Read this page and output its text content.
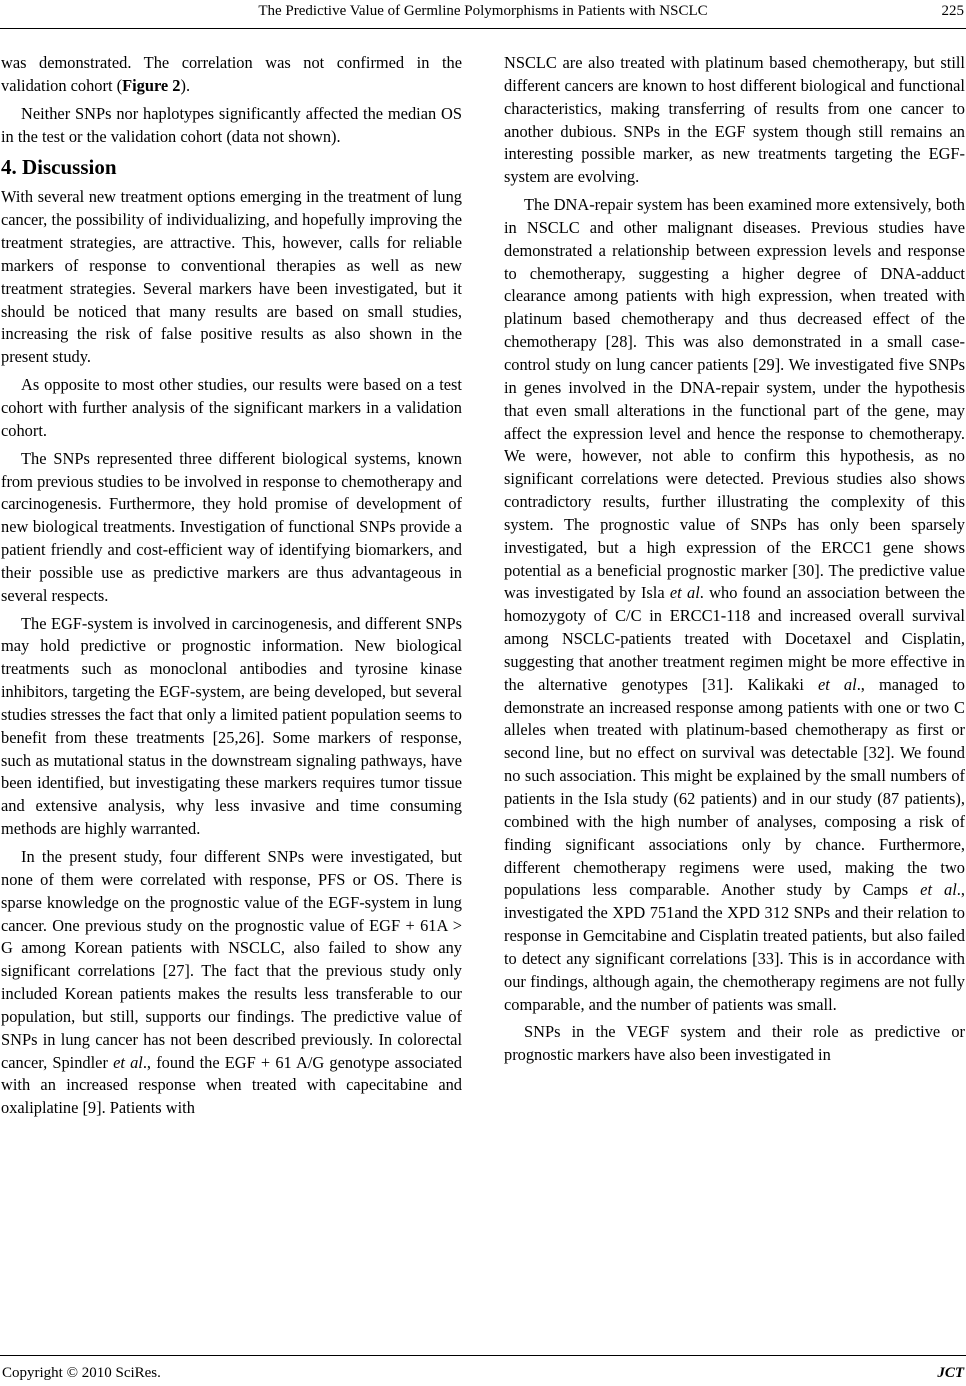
The Predictive Value of Germline Polymorphisms in Patients with NSCLC	225

was demonstrated. The correlation was not confirmed in the validation cohort (Figure 2).

Neither SNPs nor haplotypes significantly affected the median OS in the test or the validation cohort (data not shown).

4. Discussion

With several new treatment options emerging in the treatment of lung cancer, the possibility of individualizing, and hopefully improving the treatment strategies, are attractive. This, however, calls for reliable markers of response to conventional therapies as well as new treatment strategies. Several markers have been investigated, but it should be noticed that many results are based on small studies, increasing the risk of false positive results as also shown in the present study.

As opposite to most other studies, our results were based on a test cohort with further analysis of the significant markers in a validation cohort.

The SNPs represented three different biological systems, known from previous studies to be involved in response to chemotherapy and carcinogenesis. Furthermore, they hold promise of development of new biological treatments. Investigation of functional SNPs provide a patient friendly and cost-efficient way of identifying biomarkers, and their possible use as predictive markers are thus advantageous in several respects.

The EGF-system is involved in carcinogenesis, and different SNPs may hold predictive or prognostic information. New biological treatments such as monoclonal antibodies and tyrosine kinase inhibitors, targeting the EGF-system, are being developed, but several studies stresses the fact that only a limited patient population seems to benefit from these treatments [25,26]. Some markers of response, such as mutational status in the downstream signaling pathways, have been identified, but investigating these markers requires tumor tissue and extensive analysis, why less invasive and time consuming methods are highly warranted.

In the present study, four different SNPs were investigated, but none of them were correlated with response, PFS or OS. There is sparse knowledge on the prognostic value of the EGF-system in lung cancer. One previous study on the prognostic value of EGF + 61A > G among Korean patients with NSCLC, also failed to show any significant correlations [27]. The fact that the previous study only included Korean patients makes the results less transferable to our population, but still, supports our findings. The predictive value of SNPs in lung cancer has not been described previously. In colorectal cancer, Spindler et al., found the EGF + 61 A/G genotype associated with an increased response when treated with capecitabine and oxaliplatine [9]. Patients with

NSCLC are also treated with platinum based chemotherapy, but still different cancers are known to host different biological and functional characteristics, making transferring of results from one cancer to another dubious. SNPs in the EGF system though still remains an interesting possible marker, as new treatments targeting the EGF-system are evolving.

The DNA-repair system has been examined more extensively, both in NSCLC and other malignant diseases. Previous studies have demonstrated a relationship between expression levels and response to chemotherapy, suggesting a higher degree of DNA-adduct clearance among patients with high expression, when treated with platinum based chemotherapy and thus decreased effect of the chemotherapy [28]. This was also demonstrated in a small case-control study on lung cancer patients [29]. We investigated five SNPs in genes involved in the DNA-repair system, under the hypothesis that even small alterations in the functional part of the gene, may affect the expression level and hence the response to chemotherapy. We were, however, not able to confirm this hypothesis, as no significant correlations were detected. Previous studies also shows contradictory results, further illustrating the complexity of this system. The prognostic value of SNPs has only been sparsely investigated, but a high expression of the ERCC1 gene shows potential as a beneficial prognostic marker [30]. The predictive value was investigated by Isla et al. who found an association between the homozygoty of C/C in ERCC1-118 and increased overall survival among NSCLC-patients treated with Docetaxel and Cisplatin, suggesting that another treatment regimen might be more effective in the alternative genotypes [31]. Kalikaki et al., managed to demonstrate an increased response among patients with one or two C alleles when treated with platinum-based chemotherapy as first or second line, but no effect on survival was detectable [32]. We found no such association. This might be explained by the small numbers of patients in the Isla study (62 patients) and in our study (87 patients), combined with the high number of analyses, composing a risk of finding significant associations only by chance. Furthermore, different chemotherapy regimens were used, making the two populations less comparable. Another study by Camps et al., investigated the XPD 751and the XPD 312 SNPs and their relation to response in Gemcitabine and Cisplatin treated patients, but also failed to detect any significant correlations [33]. This is in accordance with our findings, although again, the chemotherapy regimens are not fully comparable, and the number of patients was small.

SNPs in the VEGF system and their role as predictive or prognostic markers have also been investigated in

Copyright © 2010 SciRes.	JCT
